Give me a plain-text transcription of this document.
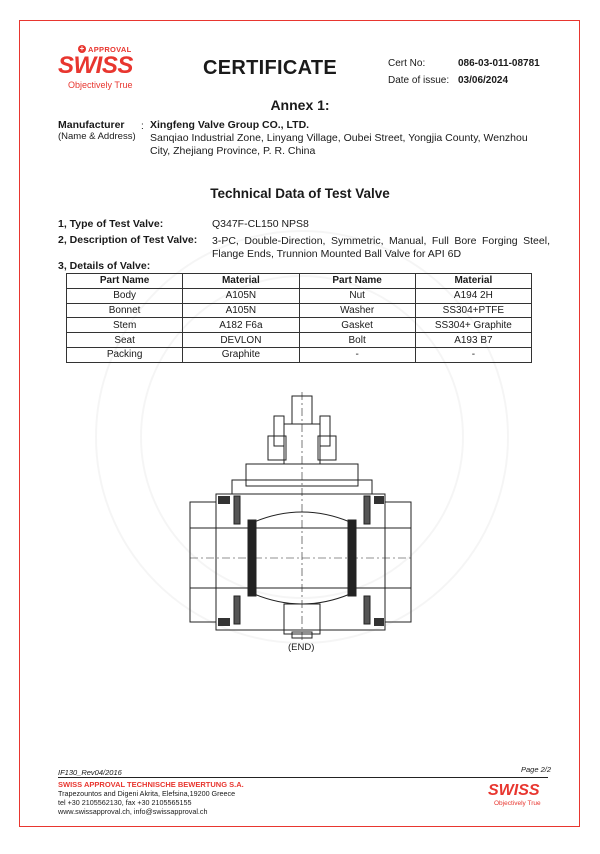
+ APPROVAL
SWISS
Objectively True
CERTIFICATE	Cert No:	086-03-011-08781
Date of issue: 03/06/2024
Annex 1:
Manufacturer
(Name & Address)
: Xingfeng Valve Group CO., LTD.
Sanqiao Industrial Zone, Linyang Village, Oubei Street, Yongjia County, Wenzhou City, Zhejiang Province, P. R. China
Technical Data of Test Valve
1, Type of Test Valve:	Q347F-CL150 NPS8
2, Description of Test Valve: 3-PC, Double-Direction, Symmetric, Manual, Full Bore Forging Steel, Flange Ends, Trunnion Mounted Ball Valve for API 6D
3, Details of Valve:
Part Name	Material	Part Name	Material
Body	A105N	Nut	A194 2H
Bonnet	A105N	Washer	SS304+PTFE
Stem	A182 F6a	Gasket	SS304+ Graphite
Seat	DEVLON	Bolt	A193 B7
Packing	Graphite	-	-
(END)
IF130_Rev04/2016	Page 2/2
SWISS APPROVAL TECHNISCHE BEWERTUNG S.A.
Trapezountos and Digeni Akrita, Elefsina,19200 Greece
tel +30 2105562130, fax +30 2105565155
www.swissapproval.ch, info@swissapproval.ch
SWISS
Objectively True
